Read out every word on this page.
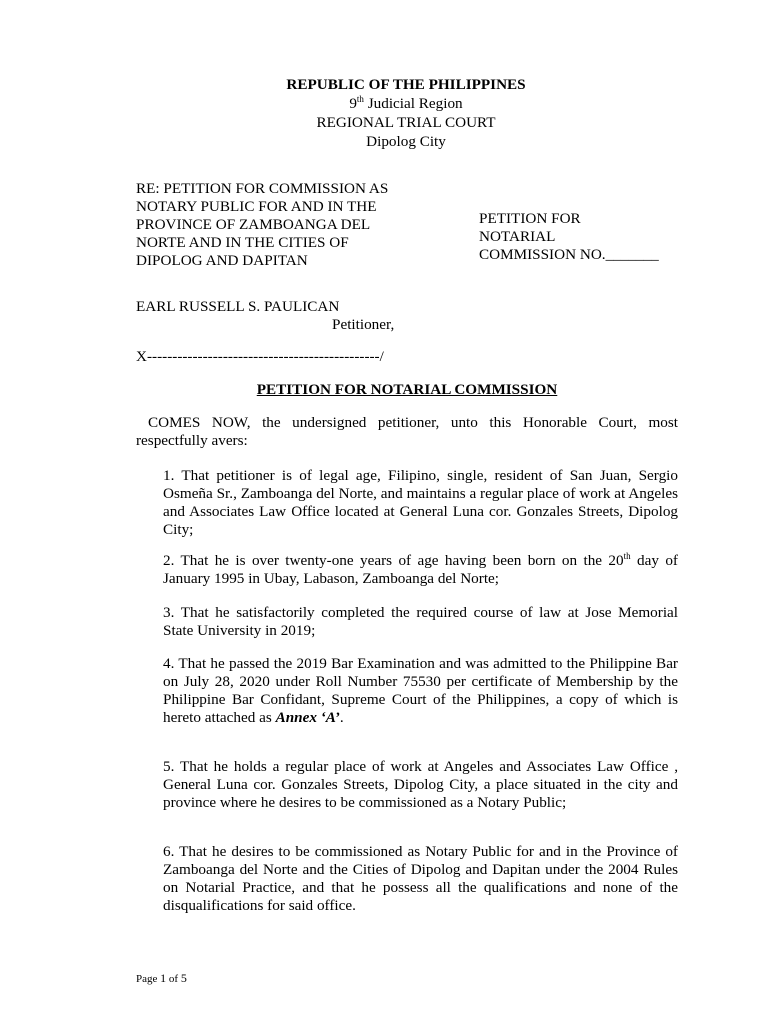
REPUBLIC OF THE PHILIPPINES
9th Judicial Region
REGIONAL TRIAL COURT
Dipolog City
RE: PETITION FOR COMMISSION AS
NOTARY PUBLIC FOR AND IN THE
PROVINCE OF ZAMBOANGA DEL
NORTE AND IN THE CITIES OF
DIPOLOG AND DAPITAN
PETITION FOR
NOTARIAL
COMMISSION NO._______
EARL RUSSELL S. PAULICAN
Petitioner,
X----------------------------------------------/
PETITION FOR NOTARIAL COMMISSION
COMES NOW, the undersigned petitioner, unto this Honorable Court, most respectfully avers:

1. That petitioner is of legal age, Filipino, single, resident of San Juan, Sergio Osmeña Sr., Zamboanga del Norte, and maintains a regular place of work at Angeles and Associates Law Office located at General Luna cor. Gonzales Streets, Dipolog City;

2. That he is over twenty-one years of age having been born on the 20th day of January 1995 in Ubay, Labason, Zamboanga del Norte;

3. That he satisfactorily completed the required course of law at Jose Memorial State University in 2019;

4. That he passed the 2019 Bar Examination and was admitted to the Philippine Bar on July 28, 2020 under Roll Number 75530 per certificate of Membership by the Philippine Bar Confidant, Supreme Court of the Philippines, a copy of which is hereto attached as Annex ‘A’.

5. That he holds a regular place of work at Angeles and Associates Law Office , General Luna cor. Gonzales Streets, Dipolog City, a place situated in the city and province where he desires to be commissioned as a Notary Public;

6. That he desires to be commissioned as Notary Public for and in the Province of Zamboanga del Norte and the Cities of Dipolog and Dapitan under the 2004 Rules on Notarial Practice, and that he possess all the qualifications and none of the disqualifications for said office.

Page 1 of 5
